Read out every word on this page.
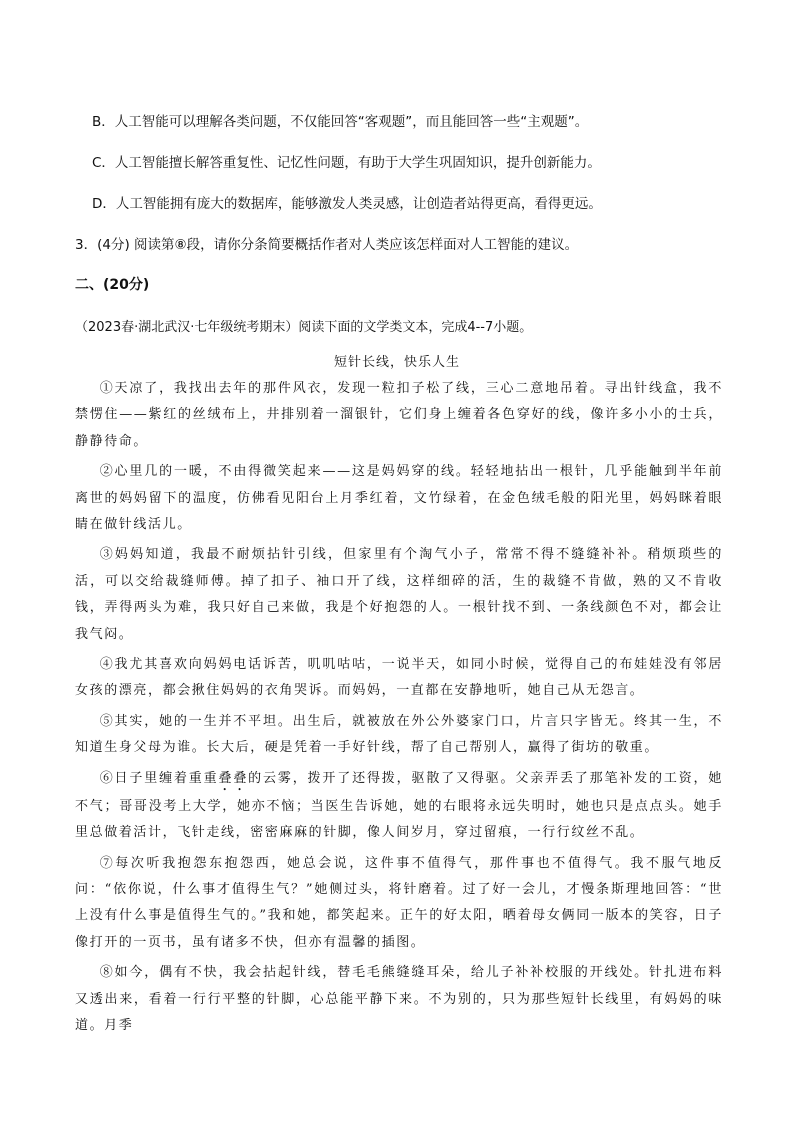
B．人工智能可以理解各类问题，不仅能回答“客观题”，而且能回答一些“主观题”。
C．人工智能擅长解答重复性、记忆性问题，有助于大学生巩固知识，提升创新能力。
D．人工智能拥有庞大的数据库，能够激发人类灵感，让创造者站得更高，看得更远。
3．(4分) 阅读第⑧段，请你分条简要概括作者对人类应该怎样面对人工智能的建议。
二、(20分)
（2023春·湖北武汉·七年级统考期末）阅读下面的文学类文本，完成4--7小题。
短针长线，快乐人生

①天凉了，我找出去年的那件风衣，发现一粒扣子松了线，三心二意地吊着。寻出针线盒，我不禁愣住——紫红的丝绒布上，井排别着一溜银针，它们身上缠着各色穿好的线，像许多小小的士兵，静静待命。

②心里几的一暖，不由得微笑起来——这是妈妈穿的线。轻轻地拈出一根针，几乎能触到半年前离世的妈妈留下的温度，仿佛看见阳台上月季红着，文竹绿着，在金色绒毛般的阳光里，妈妈眯着眼睛在做针线活儿。

③妈妈知道，我最不耐烦拈针引线，但家里有个淘气小子，常常不得不缝缝补补。稍烦琐些的活，可以交给裁缝师傅。掉了扣子、袖口开了线，这样细碎的活，生的裁缝不肯做，熟的又不肯收钱，弄得两头为难，我只好自己来做，我是个好抱怨的人。一根针找不到、一条线颜色不对，都会让我气闷。

④我尤其喜欢向妈妈电话诉苦，叽叽咕咕，一说半天，如同小时候，觉得自己的布娃娃没有邻居女孩的漂亮，都会揪住妈妈的衣角哭诉。而妈妈，一直都在安静地听，她自己从无怨言。

⑤其实，她的一生并不平坦。出生后，就被放在外公外婆家门口，片言只字皆无。终其一生，不知道生身父母为谁。长大后，硬是凭着一手好针线，帮了自己帮别人，赢得了街坊的敬重。

⑥日子里缠着重重叠叠的云雾，拨开了还得拨，驱散了又得驱。父亲弄丢了那笔补发的工资，她不气；哥哥没考上大学，她亦不恼；当医生告诉她，她的右眼将永远失明时，她也只是点点头。她手里总做着活计，飞针走线，密密麻麻的针脚，像人间岁月，穿过留痕，一行行纹丝不乱。

⑦每次听我抱怨东抱怨西，她总会说，这件事不值得气，那件事也不值得气。我不服气地反问：“依你说，什么事才值得生气？”她侧过头，将针磨着。过了好一会儿，才慢条斯理地回答：“世上没有什么事是值得生气的。”我和她，都笑起来。正午的好太阳，晒着母女俩同一版本的笑容，日子像打开的一页书，虽有诸多不快，但亦有温馨的插图。

⑧如今，偶有不快，我会拈起针线，替毛毛熊缝缝耳朵，给儿子补补校服的开线处。针扎进布料又透出来，看着一行行平整的针脚，心总能平静下来。不为别的，只为那些短针长线里，有妈妈的味道。月季
